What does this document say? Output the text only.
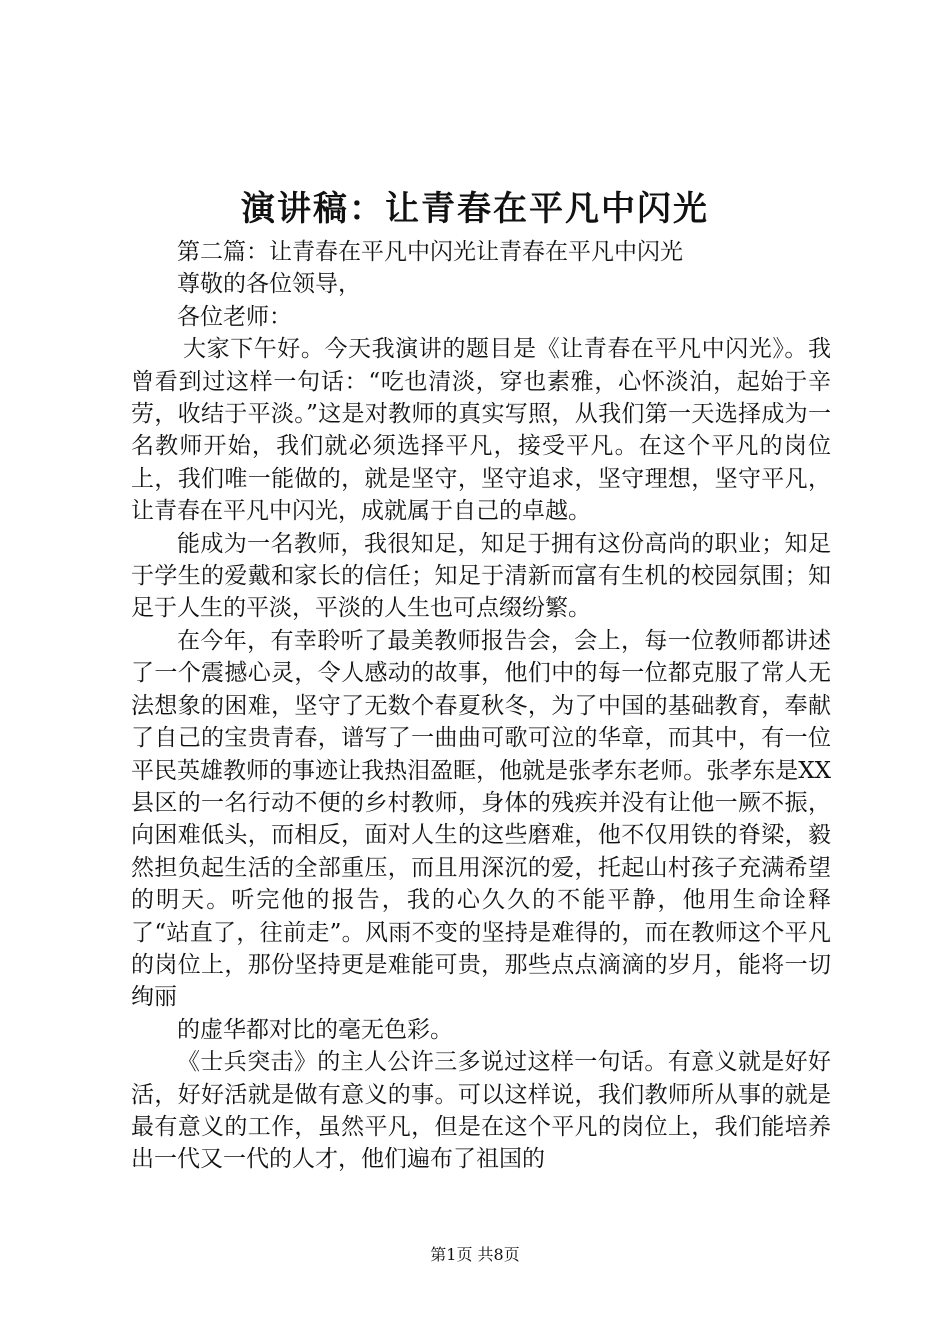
演讲稿：让青春在平凡中闪光

第二篇：让青春在平凡中闪光让青春在平凡中闪光

尊敬的各位领导，

各位老师：

大家下午好。今天我演讲的题目是《让青春在平凡中闪光》。我曾看到过这样一句话：“吃也清淡，穿也素雅，心怀淡泊，起始于辛劳，收结于平淡。”这是对教师的真实写照，从我们第一天选择成为一名教师开始，我们就必须选择平凡，接受平凡。在这个平凡的岗位上，我们唯一能做的，就是坚守，坚守追求，坚守理想，坚守平凡，让青春在平凡中闪光，成就属于自己的卓越。

能成为一名教师，我很知足，知足于拥有这份高尚的职业；知足于学生的爱戴和家长的信任；知足于清新而富有生机的校园氛围；知足于人生的平淡，平淡的人生也可点缀纷繁。

在今年，有幸聆听了最美教师报告会，会上，每一位教师都讲述了一个震撼心灵，令人感动的故事，他们中的每一位都克服了常人无法想象的困难，坚守了无数个春夏秋冬，为了中国的基础教育，奉献了自己的宝贵青春，谱写了一曲曲可歌可泣的华章，而其中，有一位平民英雄教师的事迹让我热泪盈眶，他就是张孝东老师。张孝东是XX县区的一名行动不便的乡村教师，身体的残疾并没有让他一厥不振，向困难低头，而相反，面对人生的这些磨难，他不仅用铁的脊梁，毅然担负起生活的全部重压，而且用深沉的爱，托起山村孩子充满希望的明天。听完他的报告，我的心久久的不能平静，他用生命诠释了“站直了，往前走”。风雨不变的坚持是难得的，而在教师这个平凡的岗位上，那份坚持更是难能可贵，那些点点滴滴的岁月，能将一切绚丽

的虚华都对比的毫无色彩。

《士兵突击》的主人公许三多说过这样一句话。有意义就是好好活，好好活就是做有意义的事。可以这样说，我们教师所从事的就是最有意义的工作，虽然平凡，但是在这个平凡的岗位上，我们能培养出一代又一代的人才，他们遍布了祖国的

第1页 共8页
